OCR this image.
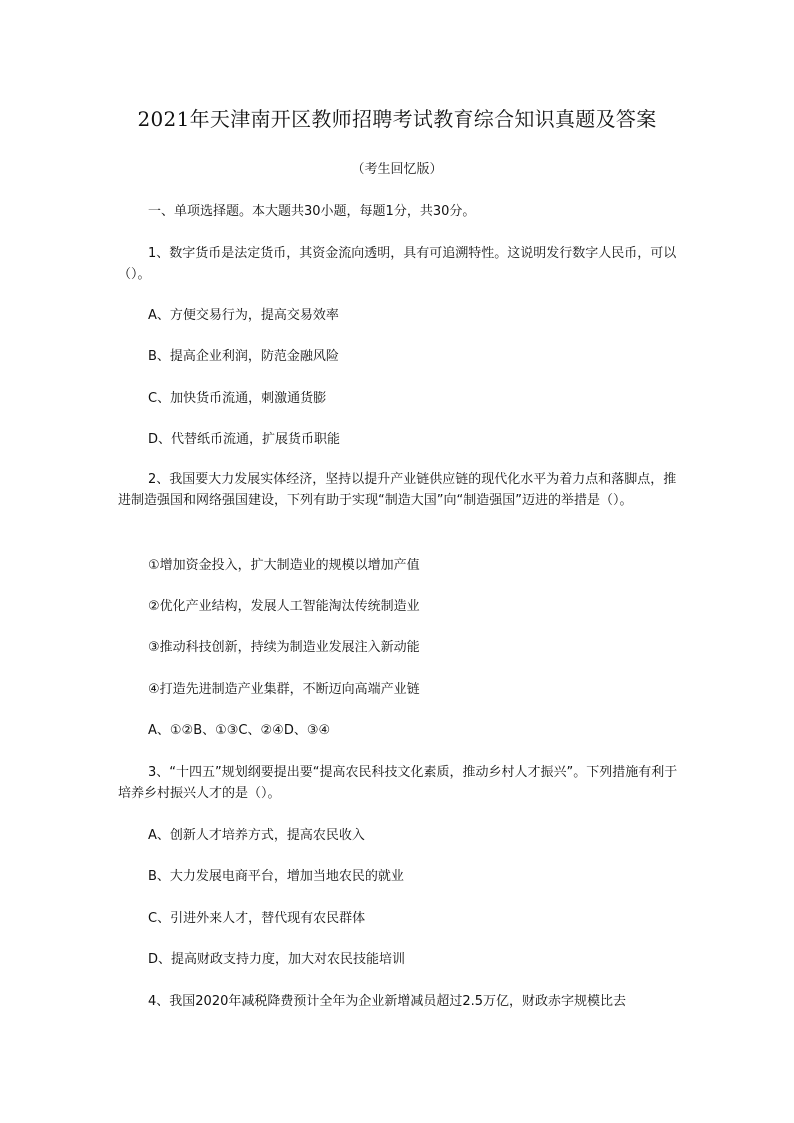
2021年天津南开区教师招聘考试教育综合知识真题及答案
（考生回忆版）

一、单项选择题。本大题共30小题，每题1分，共30分。

1、数字货币是法定货币，其资金流向透明，具有可追溯特性。这说明发行数字人民币，可以（）。

A、方便交易行为，提高交易效率

B、提高企业利润，防范金融风险

C、加快货币流通，刺激通货膨

D、代替纸币流通，扩展货币职能

2、我国要大力发展实体经济，坚持以提升产业链供应链的现代化水平为着力点和落脚点，推进制造强国和网络强国建设，下列有助于实现“制造大国”向“制造强国”迈进的举措是（）。

①增加资金投入，扩大制造业的规模以增加产值

②优化产业结构，发展人工智能淘汰传统制造业

③推动科技创新，持续为制造业发展注入新动能

④打造先进制造产业集群，不断迈向高端产业链

A、①②B、①③C、②④D、③④

3、“十四五”规划纲要提出要“提高农民科技文化素质，推动乡村人才振兴”。下列措施有利于培养乡村振兴人才的是（）。

A、创新人才培养方式，提高农民收入

B、大力发展电商平台，增加当地农民的就业

C、引进外来人才，替代现有农民群体

D、提高财政支持力度，加大对农民技能培训

4、我国2020年减税降费预计全年为企业新增减员超过2.5万亿，财政赤字规模比去
